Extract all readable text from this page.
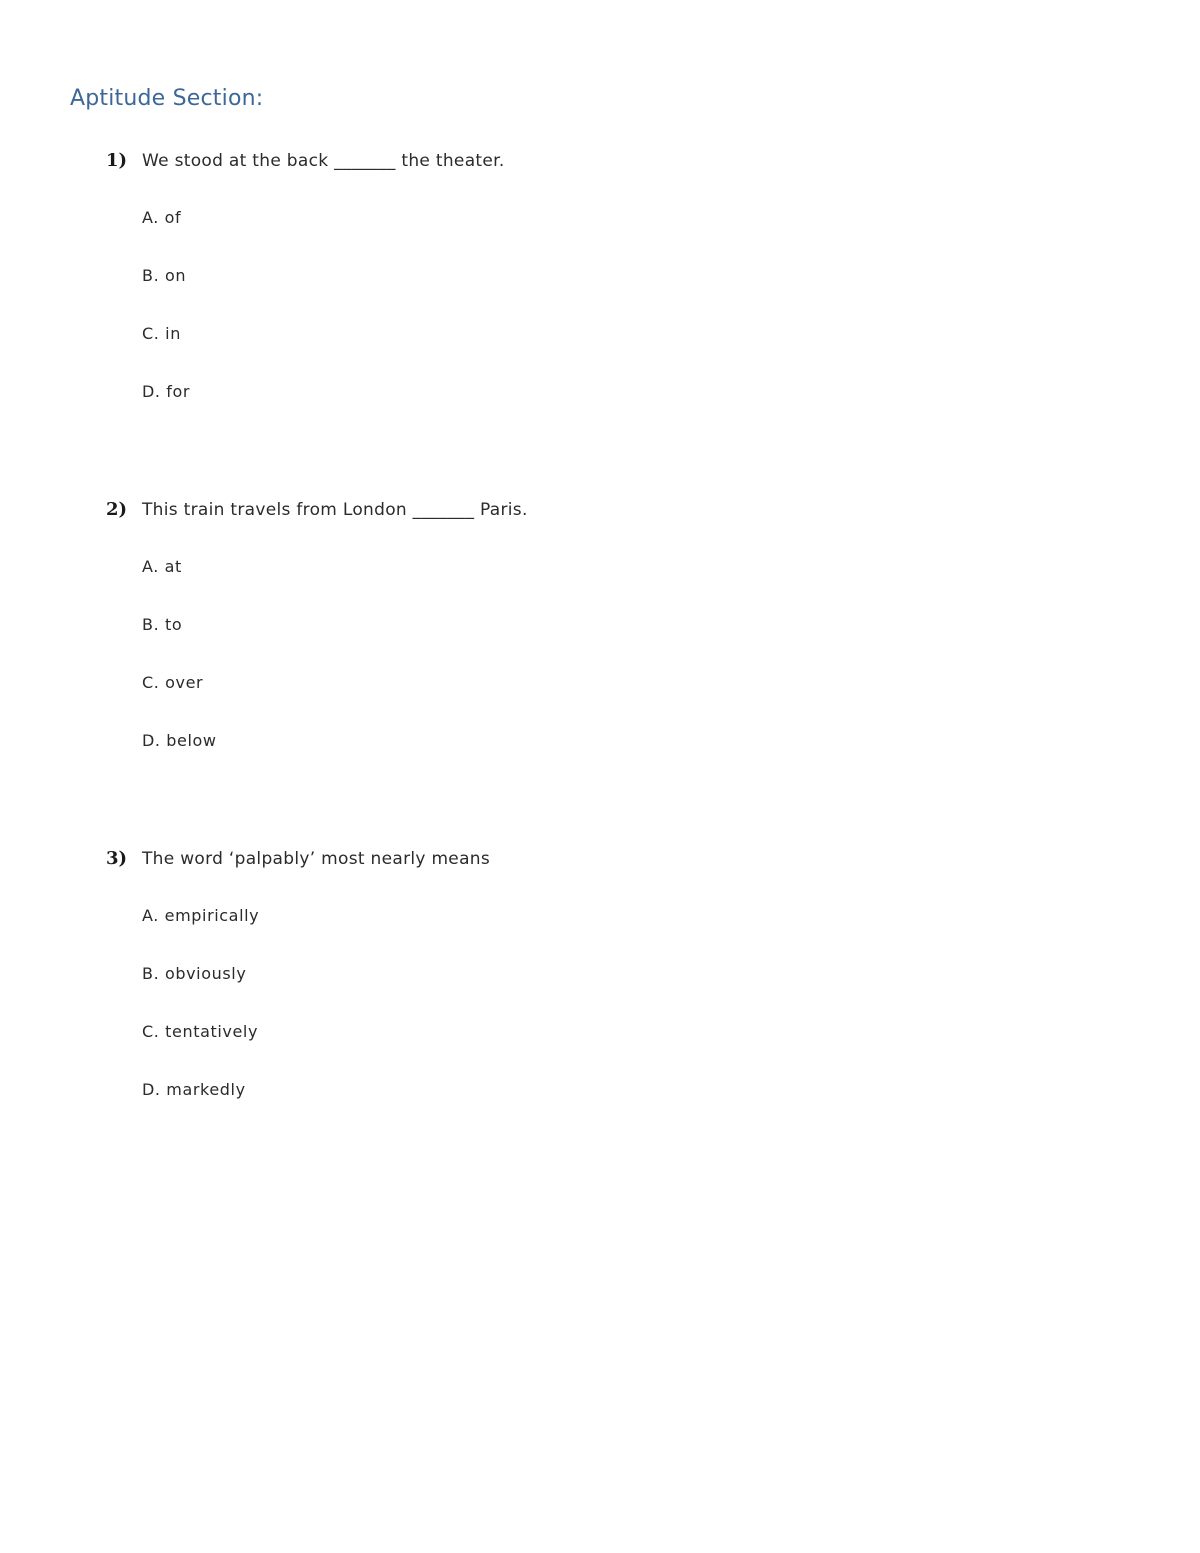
Aptitude Section:
1) We stood at the back _______ the theater.
A. of
B. on
C. in
D. for
2) This train travels from London _______ Paris.
A. at
B. to
C. over
D. below
3) The word ‘palpably’ most nearly means
A. empirically
B. obviously
C. tentatively
D. markedly
